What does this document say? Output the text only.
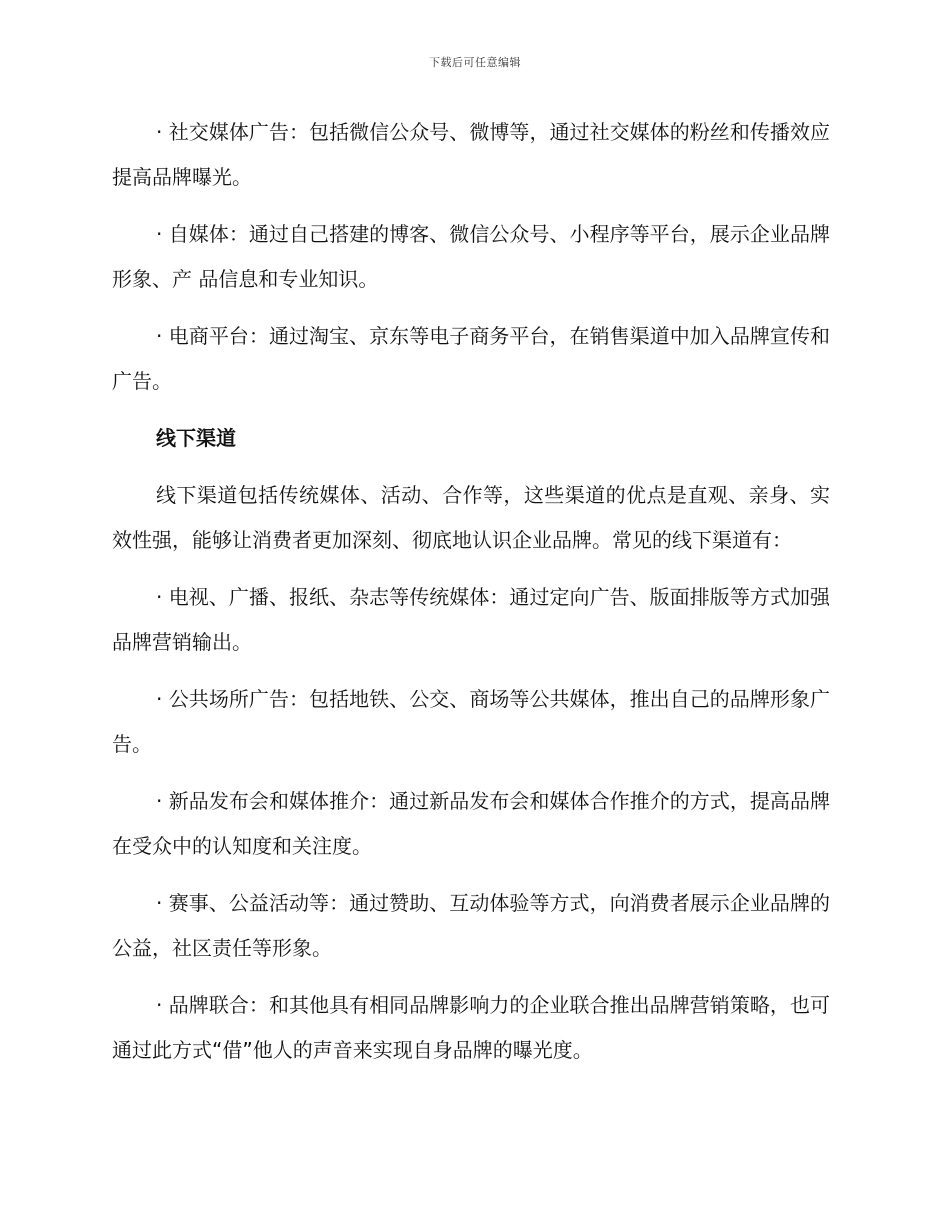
下载后可任意编辑

· 社交媒体广告：包括微信公众号、微博等，通过社交媒体的粉丝和传播效应提高品牌曝光。

· 自媒体：通过自己搭建的博客、微信公众号、小程序等平台，展示企业品牌形象、产 品信息和专业知识。

· 电商平台：通过淘宝、京东等电子商务平台，在销售渠道中加入品牌宣传和广告。

线下渠道

线下渠道包括传统媒体、活动、合作等，这些渠道的优点是直观、亲身、实效性强，能够让消费者更加深刻、彻底地认识企业品牌。常见的线下渠道有：

· 电视、广播、报纸、杂志等传统媒体：通过定向广告、版面排版等方式加强品牌营销输出。

· 公共场所广告：包括地铁、公交、商场等公共媒体，推出自己的品牌形象广告。

· 新品发布会和媒体推介：通过新品发布会和媒体合作推介的方式，提高品牌在受众中的认知度和关注度。

· 赛事、公益活动等：通过赞助、互动体验等方式，向消费者展示企业品牌的公益，社区责任等形象。

· 品牌联合：和其他具有相同品牌影响力的企业联合推出品牌营销策略，也可通过此方式“借”他人的声音来实现自身品牌的曝光度。
